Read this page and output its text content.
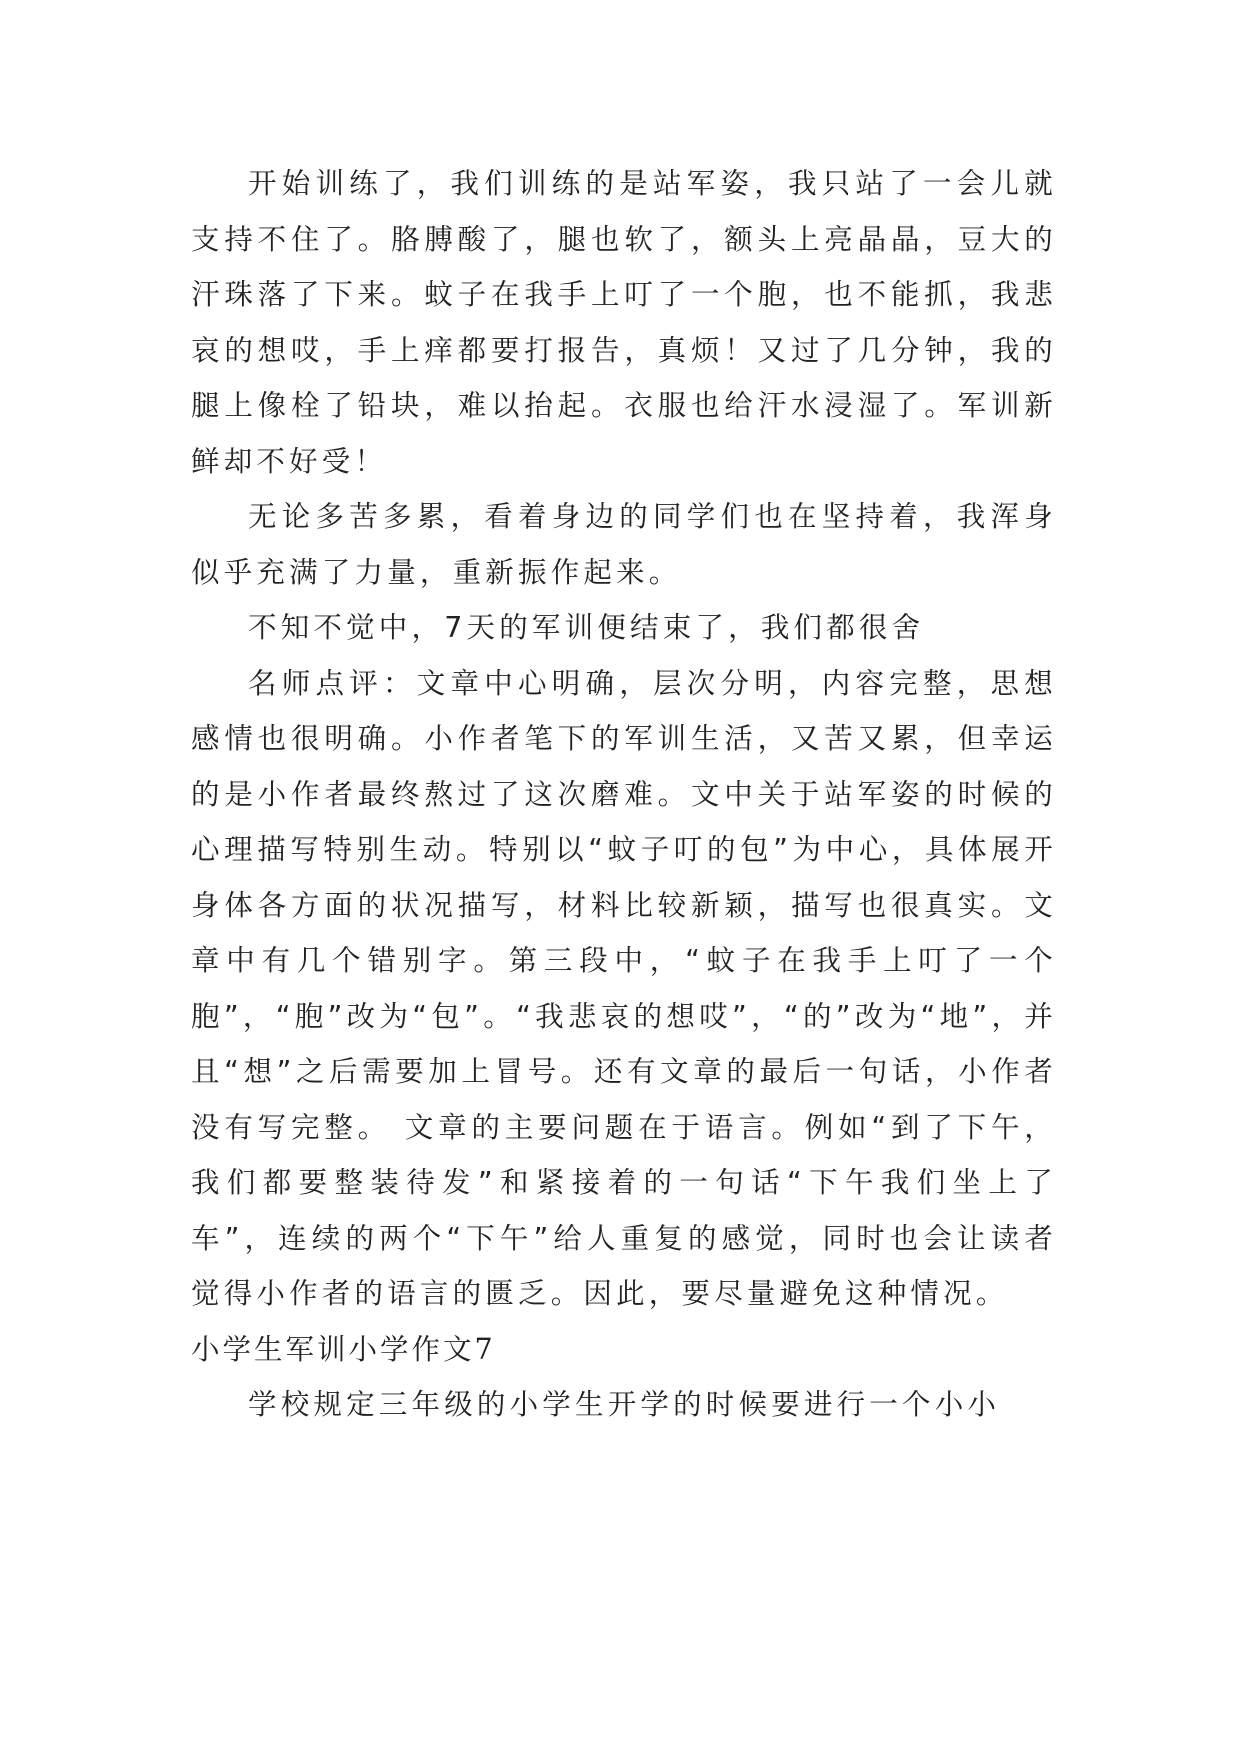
开始训练了，我们训练的是站军姿，我只站了一会儿就支持不住了。胳膊酸了，腿也软了，额头上亮晶晶，豆大的汗珠落了下来。蚊子在我手上叮了一个胞，也不能抓，我悲哀的想哎，手上痒都要打报告，真烦！又过了几分钟，我的腿上像栓了铅块，难以抬起。衣服也给汗水浸湿了。军训新鲜却不好受！

无论多苦多累，看着身边的同学们也在坚持着，我浑身似乎充满了力量，重新振作起来。

不知不觉中，7天的军训便结束了，我们都很舍

名师点评：文章中心明确，层次分明，内容完整，思想感情也很明确。小作者笔下的军训生活，又苦又累，但幸运的是小作者最终熬过了这次磨难。文中关于站军姿的时候的心理描写特别生动。特别以“蚊子叮的包”为中心，具体展开身体各方面的状况描写，材料比较新颖，描写也很真实。文章中有几个错别字。第三段中，“蚊子在我手上叮了一个胞”，“胞”改为“包”。“我悲哀的想哎”，“的”改为“地”，并且“想”之后需要加上冒号。还有文章的最后一句话，小作者没有写完整。 文章的主要问题在于语言。例如“到了下午，我们都要整装待发”和紧接着的一句话“下午我们坐上了车”，连续的两个“下午”给人重复的感觉，同时也会让读者觉得小作者的语言的匮乏。因此，要尽量避免这种情况。

小学生军训小学作文7

学校规定三年级的小学生开学的时候要进行一个小小
